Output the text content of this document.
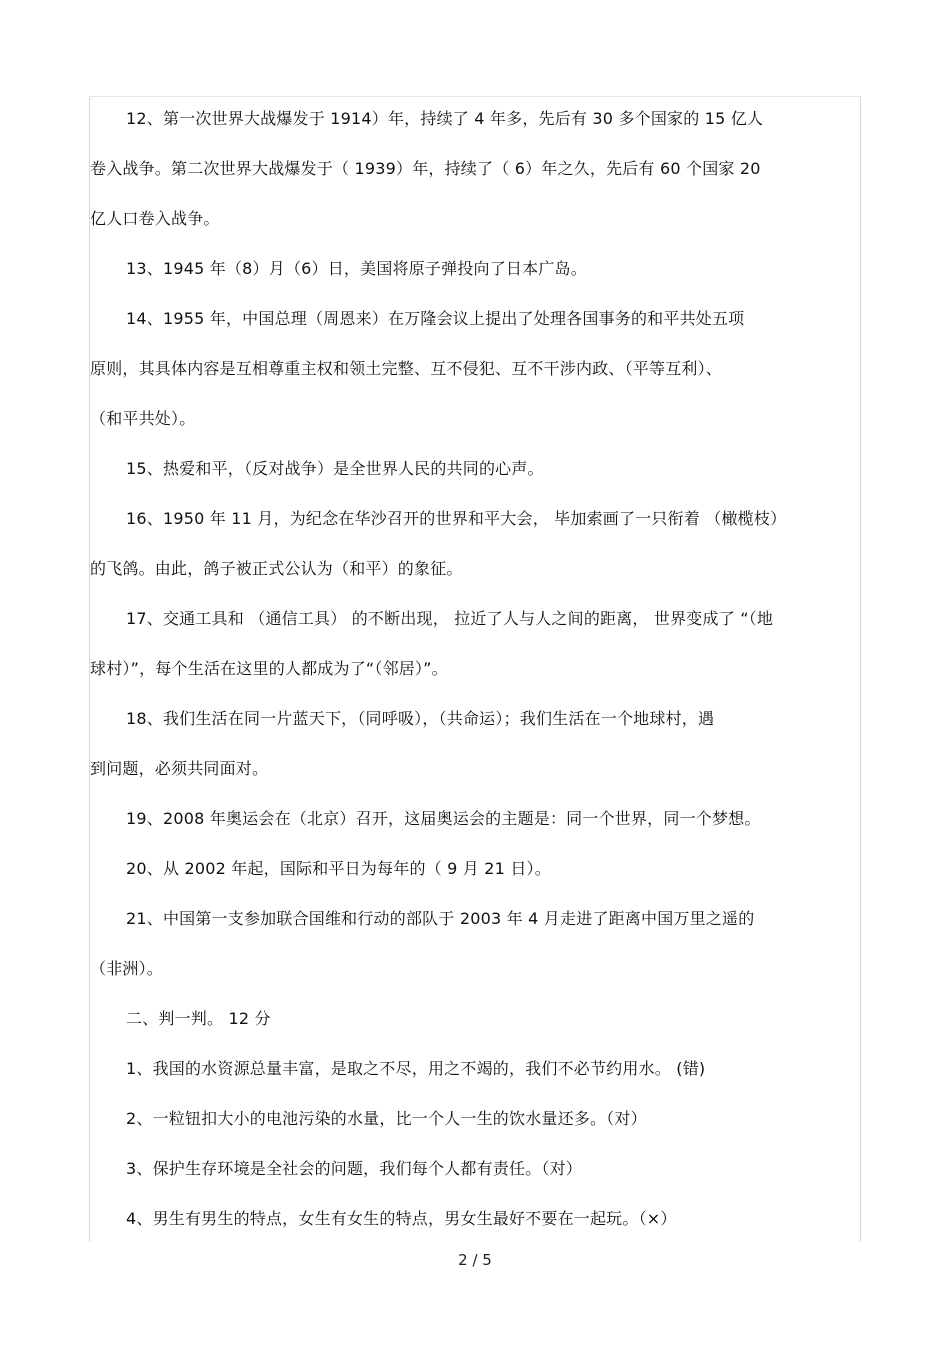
12、第一次世界大战爆发于 1914）年，持续了 4 年多，先后有 30 多个国家的 15 亿人
卷入战争。第二次世界大战爆发于（ 1939）年，持续了（ 6）年之久，先后有 60 个国家 20
亿人口卷入战争。
13、1945 年（8）月（6）日，美国将原子弹投向了日本广岛。
14、1955 年，中国总理（周恩来）在万隆会议上提出了处理各国事务的和平共处五项
原则，其具体内容是互相尊重主权和领土完整、互不侵犯、互不干涉内政、（平等互利）、
（和平共处）。
15、热爱和平，（反对战争）是全世界人民的共同的心声。
16、1950 年 11 月，为纪念在华沙召开的世界和平大会， 毕加索画了一只衔着 （橄榄枝）
的飞鸽。由此，鸽子被正式公认为（和平）的象征。
17、交通工具和 （通信工具） 的不断出现， 拉近了人与人之间的距离， 世界变成了 “（地
球村）”，每个生活在这里的人都成为了“（邻居）”。
18、我们生活在同一片蓝天下，（同呼吸），（共命运）；我们生活在一个地球村，遇
到问题，必须共同面对。
19、2008 年奥运会在（北京）召开，这届奥运会的主题是：同一个世界，同一个梦想。
20、从 2002 年起，国际和平日为每年的（ 9 月 21 日）。
21、中国第一支参加联合国维和行动的部队于 2003 年 4 月走进了距离中国万里之遥的
（非洲）。
二、判一判。 12 分
1、我国的水资源总量丰富，是取之不尽，用之不竭的，我们不必节约用水。 (错)
2、一粒钮扣大小的电池污染的水量，比一个人一生的饮水量还多。（对）
3、保护生存环境是全社会的问题，我们每个人都有责任。（对）
4、男生有男生的特点，女生有女生的特点，男女生最好不要在一起玩。（×）
2 / 5
